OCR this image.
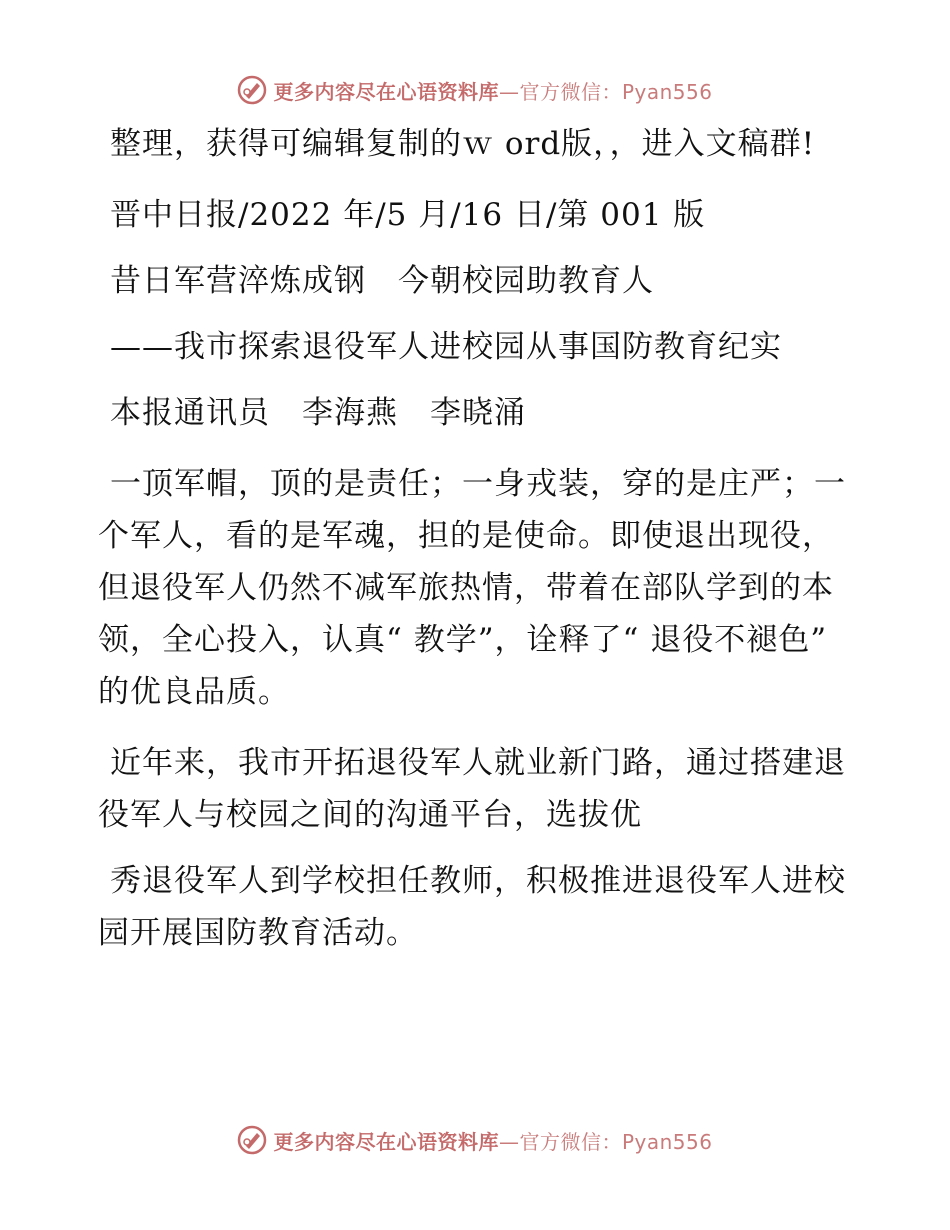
更多内容尽在心语资料库—官方微信：Pyan556

整理，获得可编辑复制的ｗ ord版，，进入文稿群!

晋中日报/2022 年/5 月/16 日/第 001 版

昔日军营淬炼成钢　今朝校园助教育人

——我市探索退役军人进校园从事国防教育纪实

本报通讯员　李海燕　李晓涌

一顶军帽，顶的是责任；一身戎装，穿的是庄严；一个军人，看的是军魂，担的是使命。即使退出现役，但退役军人仍然不减军旅热情，带着在部队学到的本领，全心投入，认真“ 教学”，诠释了“ 退役不褪色” 的优良品质。

近年来，我市开拓退役军人就业新门路，通过搭建退役军人与校园之间的沟通平台，选拔优

秀退役军人到学校担任教师，积极推进退役军人进校园开展国防教育活动。

更多内容尽在心语资料库—官方微信：Pyan556
